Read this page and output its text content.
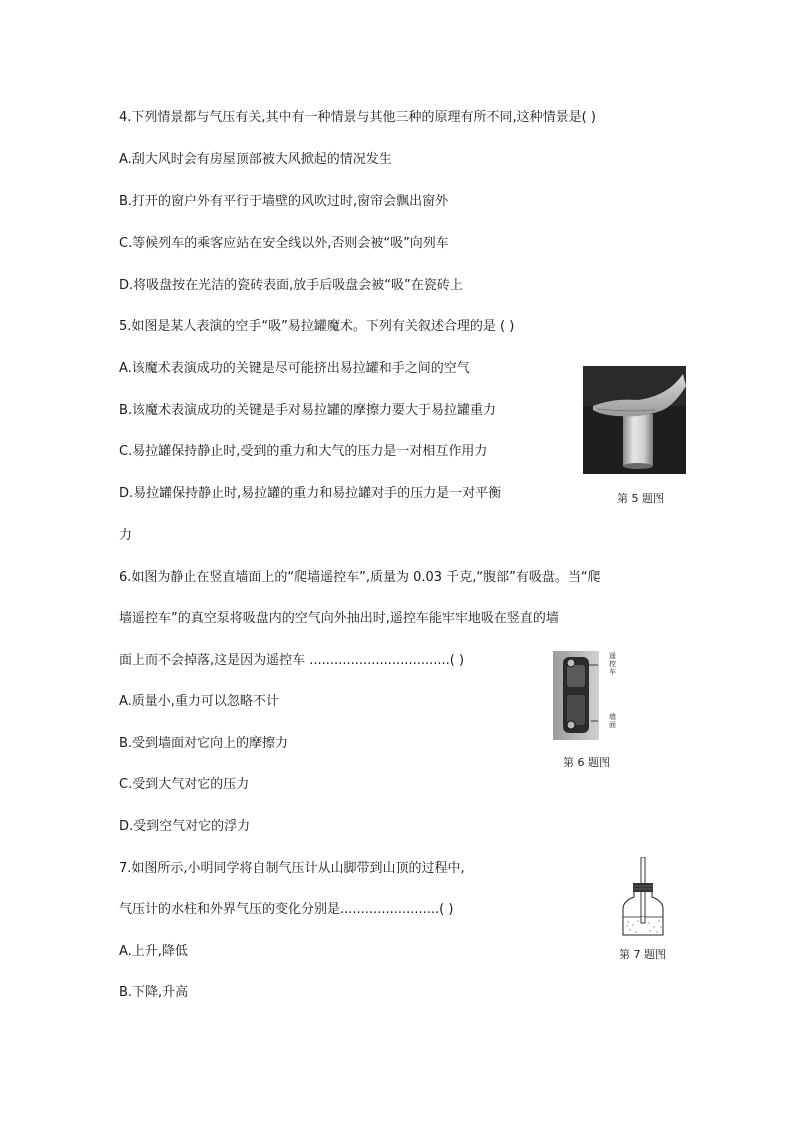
4.下列情景都与气压有关,其中有一种情景与其他三种的原理有所不同,这种情景是( )
A.刮大风时会有房屋顶部被大风掀起的情况发生
B.打开的窗户外有平行于墙壁的风吹过时,窗帘会飘出窗外
C.等候列车的乘客应站在安全线以外,否则会被“吸”向列车
D.将吸盘按在光洁的瓷砖表面,放手后吸盘会被“吸”在瓷砖上
5.如图是某人表演的空手“吸”易拉罐魔术。下列有关叙述合理的是 ( )
A.该魔术表演成功的关键是尽可能挤出易拉罐和手之间的空气
B.该魔术表演成功的关键是手对易拉罐的摩擦力要大于易拉罐重力
C.易拉罐保持静止时,受到的重力和大气的压力是一对相互作用力
D.易拉罐保持静止时,易拉罐的重力和易拉罐对手的压力是一对平衡
力
第 5 题图
6.如图为静止在竖直墙面上的“爬墙遥控车”,质量为 0.03 千克,“腹部”有吸盘。当“爬
墙遥控车”的真空泵将吸盘内的空气向外抽出时,遥控车能牢牢地吸在竖直的墙
面上而不会掉落,这是因为遥控车 ..................................( )
A.质量小,重力可以忽略不计
B.受到墙面对它向上的摩擦力
C.受到大气对它的压力
D.受到空气对它的浮力
遥控车
墙面
第 6 题图
7.如图所示,小明同学将自制气压计从山脚带到山顶的过程中,
气压计的水柱和外界气压的变化分别是........................( )
A.上升,降低
B.下降,升高
第 7 题图
